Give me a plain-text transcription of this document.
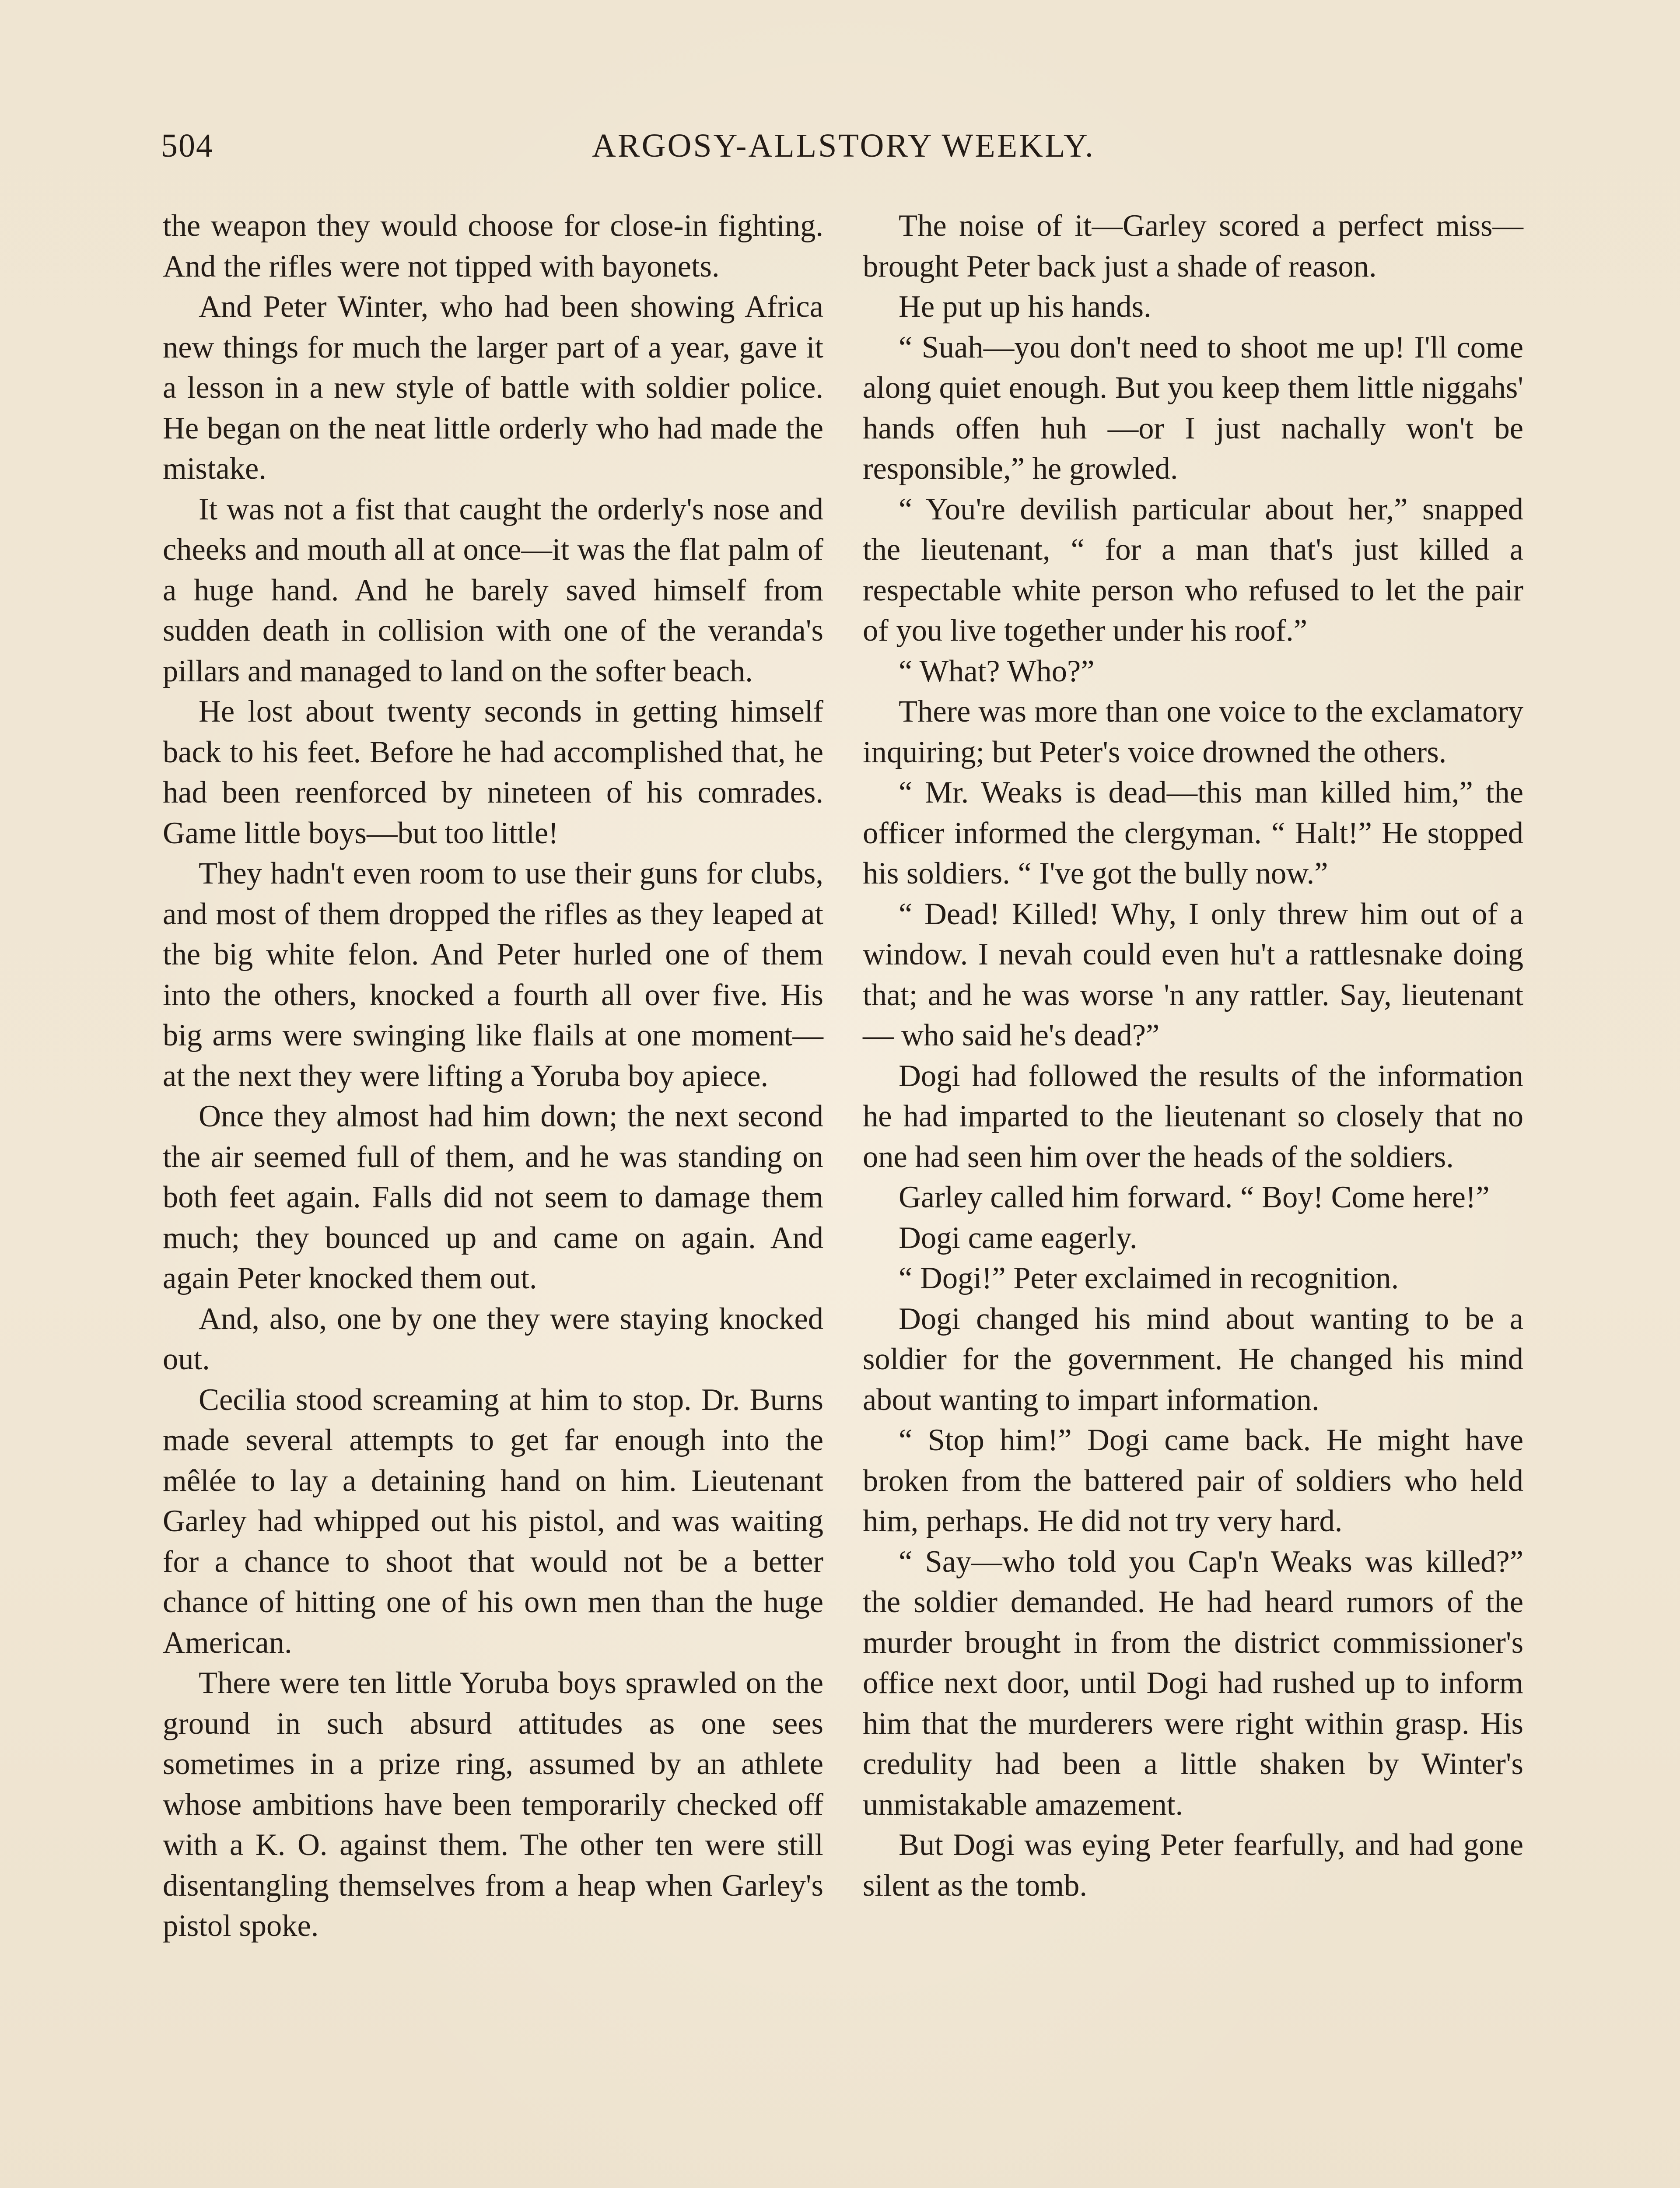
504	ARGOSY-ALLSTORY WEEKLY.

the weapon they would choose for close-in fighting. And the rifles were not tipped with bayonets.

And Peter Winter, who had been showing Africa new things for much the larger part of a year, gave it a lesson in a new style of battle with soldier police. He began on the neat little orderly who had made the mistake.

It was not a fist that caught the orderly's nose and cheeks and mouth all at once—it was the flat palm of a huge hand. And he barely saved himself from sudden death in collision with one of the veranda's pillars and managed to land on the softer beach.

He lost about twenty seconds in getting himself back to his feet. Before he had accomplished that, he had been reenforced by nineteen of his comrades. Game little boys—but too little!

They hadn't even room to use their guns for clubs, and most of them dropped the rifles as they leaped at the big white felon. And Peter hurled one of them into the others, knocked a fourth all over five. His big arms were swinging like flails at one moment—at the next they were lifting a Yoruba boy apiece.

Once they almost had him down; the next second the air seemed full of them, and he was standing on both feet again. Falls did not seem to damage them much; they bounced up and came on again. And again Peter knocked them out.

And, also, one by one they were staying knocked out.

Cecilia stood screaming at him to stop. Dr. Burns made several attempts to get far enough into the mêlée to lay a detaining hand on him. Lieutenant Garley had whipped out his pistol, and was waiting for a chance to shoot that would not be a better chance of hitting one of his own men than the huge American.

There were ten little Yoruba boys sprawled on the ground in such absurd attitudes as one sees sometimes in a prize ring, assumed by an athlete whose ambitions have been temporarily checked off with a K. O. against them. The other ten were still disentangling themselves from a heap when Garley's pistol spoke.

The noise of it—Garley scored a perfect miss—brought Peter back just a shade of reason.

He put up his hands.

“ Suah—you don't need to shoot me up! I'll come along quiet enough. But you keep them little niggahs' hands offen huh —or I just nachally won't be responsible,” he growled.

“ You're devilish particular about her,” snapped the lieutenant, “ for a man that's just killed a respectable white person who refused to let the pair of you live together under his roof.”

“ What? Who?”

There was more than one voice to the exclamatory inquiring; but Peter's voice drowned the others.

“ Mr. Weaks is dead—this man killed him,” the officer informed the clergyman. “ Halt!” He stopped his soldiers. “ I've got the bully now.”

“ Dead! Killed! Why, I only threw him out of a window. I nevah could even hu't a rattlesnake doing that; and he was worse 'n any rattler. Say, lieutenant— who said he's dead?”

Dogi had followed the results of the information he had imparted to the lieutenant so closely that no one had seen him over the heads of the soldiers.

Garley called him forward. “ Boy! Come here!”

Dogi came eagerly.

“ Dogi!” Peter exclaimed in recognition.

Dogi changed his mind about wanting to be a soldier for the government. He changed his mind about wanting to impart information.

“ Stop him!” Dogi came back. He might have broken from the battered pair of soldiers who held him, perhaps. He did not try very hard.

“ Say—who told you Cap'n Weaks was killed?” the soldier demanded. He had heard rumors of the murder brought in from the district commissioner's office next door, until Dogi had rushed up to inform him that the murderers were right within grasp. His credulity had been a little shaken by Winter's unmistakable amazement.

But Dogi was eying Peter fearfully, and had gone silent as the tomb.
